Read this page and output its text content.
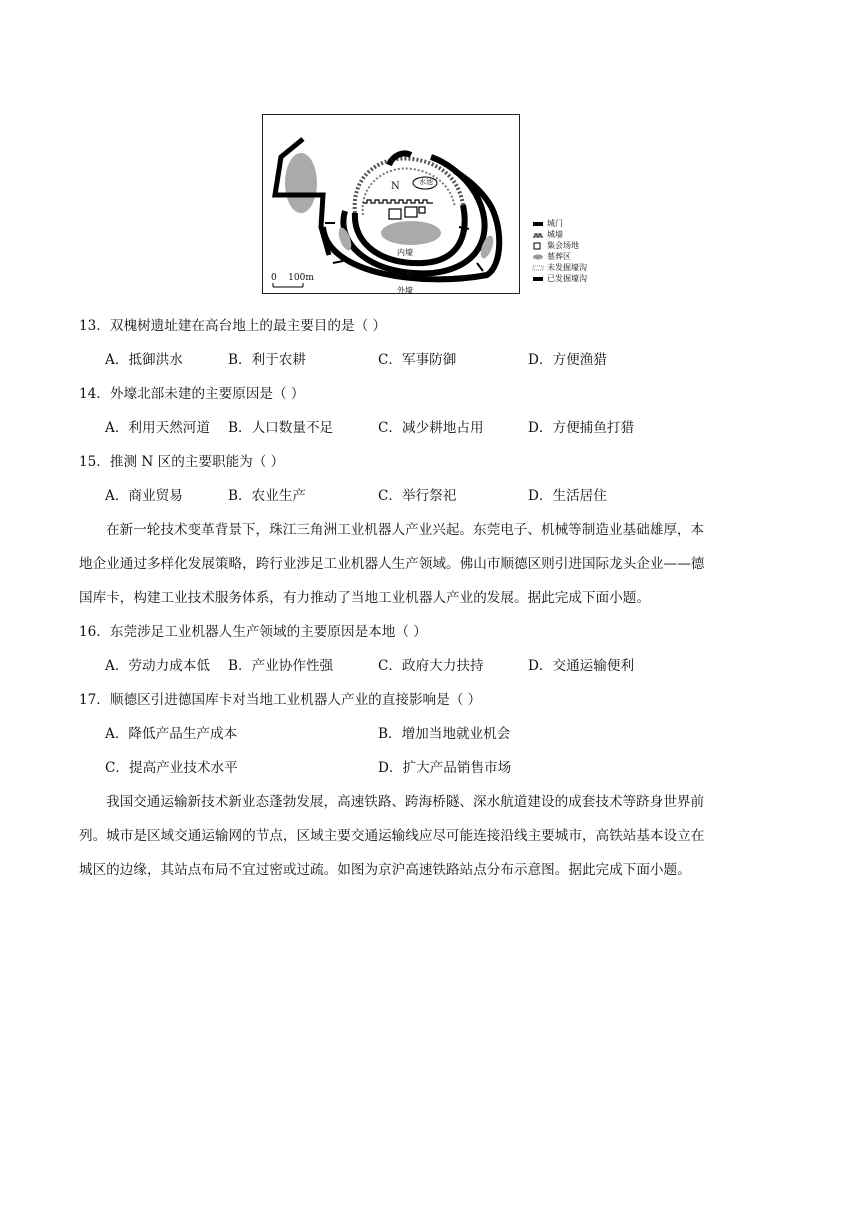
N	水池
内壕
中壕
外壕
0    100m
城门
城墙
集会场地
墓葬区
未发掘壕沟
已发掘壕沟
13．双槐树遗址建在高台地上的最主要目的是（ ）
A．抵御洪水	B．利于农耕	C．军事防御	D．方便渔猎
14．外壕北部未建的主要原因是（ ）
A．利用天然河道 B．人口数量不足	C．减少耕地占用	D．方便捕鱼打猎
15．推测 N 区的主要职能为（ ）
A．商业贸易	B．农业生产	C．举行祭祀	D．生活居住
在新一轮技术变革背景下，珠江三角洲工业机器人产业兴起。东莞电子、机械等制造业基础雄厚，本
地企业通过多样化发展策略，跨行业涉足工业机器人生产领域。佛山市顺德区则引进国际龙头企业——德
国库卡，构建工业技术服务体系，有力推动了当地工业机器人产业的发展。据此完成下面小题。
16．东莞涉足工业机器人生产领域的主要原因是本地（ ）
A．劳动力成本低 B．产业协作性强	C．政府大力扶持	D．交通运输便利
17．顺德区引进德国库卡对当地工业机器人产业的直接影响是（ ）
A．降低产品生产成本	B．增加当地就业机会
C．提高产业技术水平	D．扩大产品销售市场
我国交通运输新技术新业态蓬勃发展，高速铁路、跨海桥隧、深水航道建设的成套技术等跻身世界前
列。城市是区域交通运输网的节点，区域主要交通运输线应尽可能连接沿线主要城市，高铁站基本设立在
城区的边缘，其站点布局不宜过密或过疏。如图为京沪高速铁路站点分布示意图。据此完成下面小题。
